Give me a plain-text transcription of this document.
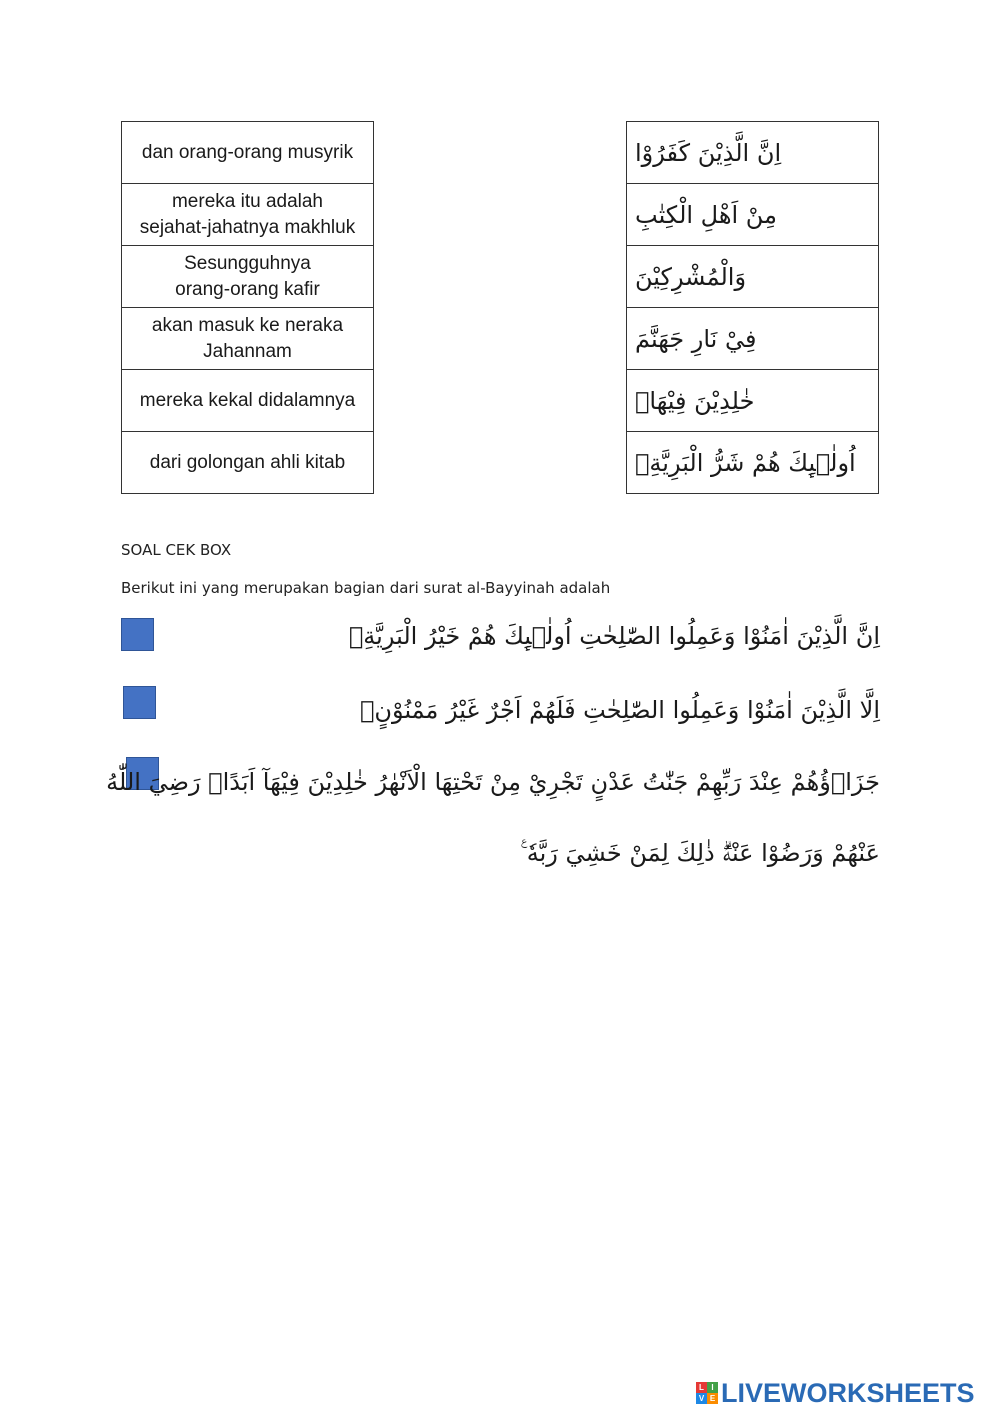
dan orang-orang musyrik
mereka itu adalah
sejahat-jahatnya makhluk
Sesungguhnya
orang-orang kafir
akan masuk ke neraka
Jahannam
mereka kekal didalamnya
dari golongan ahli kitab
اِنَّ الَّذِيْنَ كَفَرُوْا
مِنْ اَهْلِ الْكِتٰبِ
وَالْمُشْرِكِيْنَ
فِيْ نَارِ جَهَنَّمَ
خٰلِدِيْنَ فِيْهَاۗ
اُولٰۤىِٕكَ هُمْ شَرُّ الْبَرِيَّةِۗ
SOAL CEK BOX
Berikut ini yang merupakan bagian dari surat al-Bayyinah adalah
اِنَّ الَّذِيْنَ اٰمَنُوْا وَعَمِلُوا الصّٰلِحٰتِ اُولٰۤىِٕكَ هُمْ خَيْرُ الْبَرِيَّةِۗ
اِلَّا الَّذِيْنَ اٰمَنُوْا وَعَمِلُوا الصّٰلِحٰتِ فَلَهُمْ اَجْرٌ غَيْرُ مَمْنُوْنٍۗ
جَزَاۤؤُهُمْ عِنْدَ رَبِّهِمْ جَنّٰتُ عَدْنٍ تَجْرِيْ مِنْ تَحْتِهَا الْاَنْهٰرُ خٰلِدِيْنَ فِيْهَآ اَبَدًاۗ رَضِيَ اللّٰهُ
عَنْهُمْ وَرَضُوْا عَنْهُۗ ذٰلِكَ لِمَنْ خَشِيَ رَبَّهٗ ࣖ
L I
V E LIVEWORKSHEETS
